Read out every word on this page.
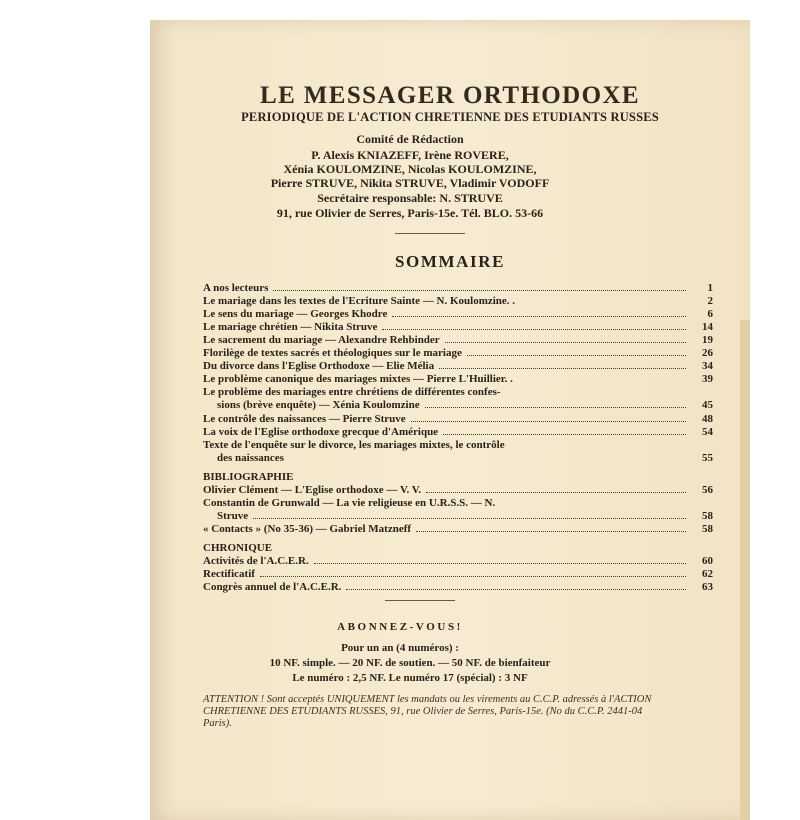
LE MESSAGER ORTHODOXE
PERIODIQUE DE L'ACTION CHRETIENNE DES ETUDIANTS RUSSES
Comité de Rédaction
P. Alexis KNIAZEFF, Irène ROVERE,
Xénia KOULOMZINE, Nicolas KOULOMZINE,
Pierre STRUVE, Nikita STRUVE, Vladimir VODOFF
Secrétaire responsable: N. STRUVE
91, rue Olivier de Serres, Paris-15e. Tél. BLO. 53-66
SOMMAIRE
A nos lecteurs	1
Le mariage dans les textes de l'Ecriture Sainte — N. Koulomzine. .	2
Le sens du mariage — Georges Khodre	6
Le mariage chrétien — Nikita Struve	14
Le sacrement du mariage — Alexandre Rehbinder	19
Florilège de textes sacrés et théologiques sur le mariage	26
Du divorce dans l'Eglise Orthodoxe — Elie Mélia	34
Le problème canonique des mariages mixtes — Pierre L'Huillier. .	39
Le problème des mariages entre chrétiens de différentes confes-
sions (brève enquête) — Xénia Koulomzine	45
Le contrôle des naissances — Pierre Struve	48
La voix de l'Eglise orthodoxe grecque d'Amérique	54
Texte de l'enquête sur le divorce, les mariages mixtes, le contrôle
des naissances	55
BIBLIOGRAPHIE
Olivier Clément — L'Eglise orthodoxe — V. V.	56
Constantin de Grunwald — La vie religieuse en U.R.S.S. — N.
Struve	58
« Contacts » (No 35-36) — Gabriel Matzneff	58
CHRONIQUE
Activités de l'A.C.E.R.	60
Rectificatif	62
Congrès annuel de l'A.C.E.R.	63
ABONNEZ-VOUS!
Pour un an (4 numéros) :
10 NF. simple. — 20 NF. de soutien. — 50 NF. de bienfaiteur
Le numéro : 2,5 NF. Le numéro 17 (spécial) : 3 NF
ATTENTION ! Sont acceptés UNIQUEMENT les mandats ou les virements au C.C.P. adressés à l'ACTION CHRETIENNE DES ETUDIANTS RUSSES, 91, rue Olivier de Serres, Paris-15e. (No du C.C.P. 2441-04 Paris).
